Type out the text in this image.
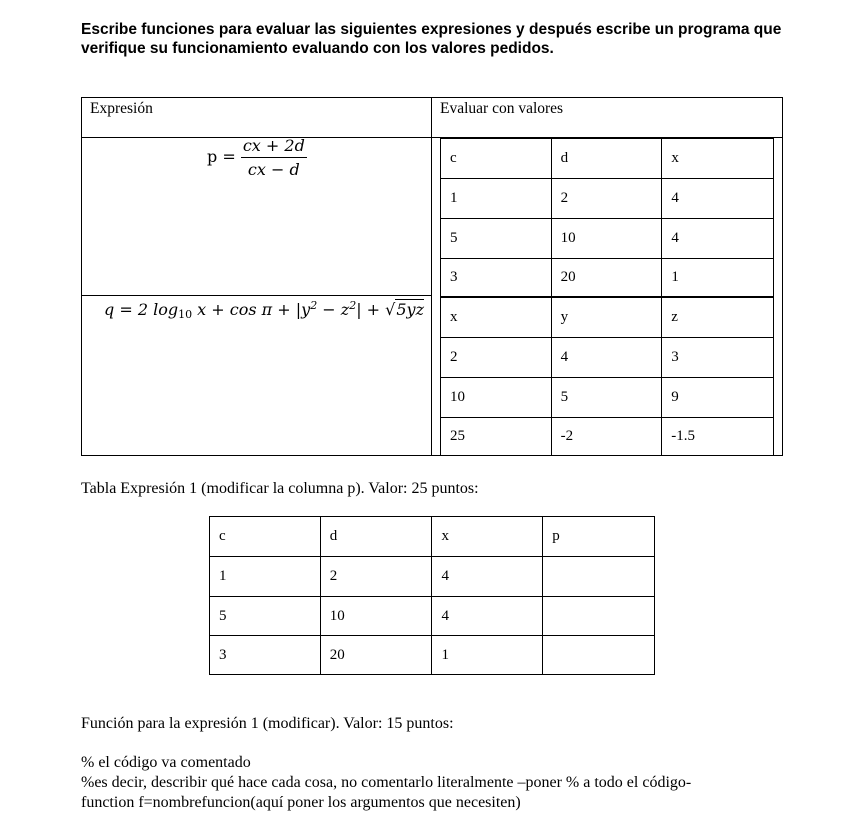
Escribe funciones para evaluar las siguientes expresiones y después escribe un programa que verifique su funcionamiento evaluando con los valores pedidos.
Expresión	Evaluar con valores
$p = \frac{cx + 2d}{cx - d}$
q = 2 $\log_{10} x + \cos \pi + |y^2 - z^2| + √5yz$
c	d	x
1	2	4
5	10	4
3	20	1
x	y	z
2	4	3
10	5	9
25	-2	-1.5
Tabla Expresión 1 (modificar la columna p). Valor: 25 puntos:
c	d	x	p
1	2	4	
5	10	4	
3	20	1	
Función para la expresión 1 (modificar). Valor: 15 puntos:
% el código va comentado
%es decir, describir qué hace cada cosa, no comentarlo literalmente –poner % a todo el código-
function f=nombrefuncion(aquí poner los argumentos que necesiten)
